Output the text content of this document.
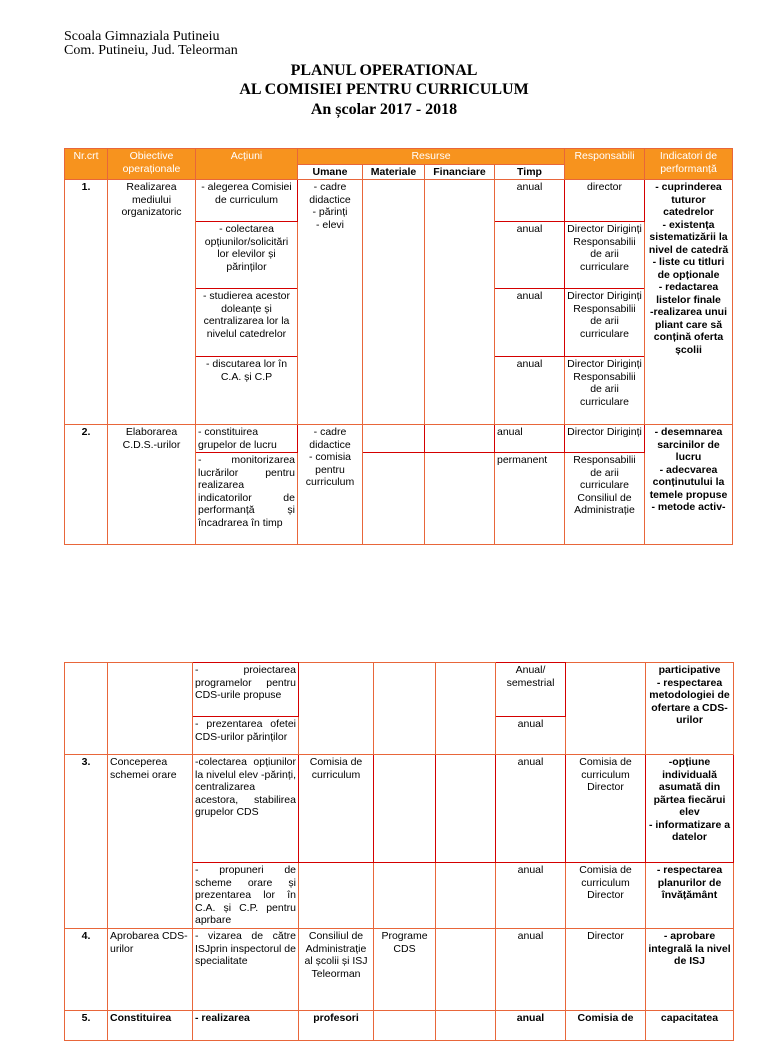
Scoala Gimnaziala Putineiu
Com. Putineiu, Jud. Teleorman
PLANUL OPERATIONAL
AL COMISIEI PENTRU CURRICULUM
An școlar 2017 - 2018
Nr.crt	Obiective operaționale	Acțiuni	Resurse				Responsabili	Indicatori de performanță
			Umane	Materiale	Financiare	Timp		
1.	Realizarea mediului organizatoric	- alegerea Comisiei de curriculum	- cadre didactice
- părinți
- elevi			anual	director	- cuprinderea tuturor catedrelor
- existența sistematizării la nivel de catedră
- liste cu titluri de opționale
- redactarea listelor finale
-realizarea unui pliant care să conțină oferta școlii
		- colectarea opțiunilor/solicitări lor elevilor și părinților				anual	Director Diriginți Responsabilii de arii curriculare	
		- studierea acestor doleanțe și centralizarea lor la nivelul catedrelor				anual	Director Diriginți Responsabilii de arii curriculare	
		- discutarea lor în C.A. și C.P				anual	Director Diriginți Responsabilii de arii curriculare	
2.	Elaborarea C.D.S.-urilor	- constituirea grupelor de lucru	- cadre didactice
- comisia pentru curriculum			anual	Director Diriginți	- desemnarea sarcinilor de lucru
- adecvarea conținutului la temele propuse
- metode activ-
		- monitorizarea lucrărilor pentru realizarea indicatorilor de performanță și încadrarea în timp				permanent	Responsabilii de arii curriculare Consiliul de Administrație	
		- proiectarea programelor pentru CDS-urile propuse				Anual/ semestrial		participative
- respectarea metodologiei de ofertare a CDS-urilor
		- prezentarea ofetei CDS-urilor părinților				anual		
3.	Conceperea schemei orare	-colectarea opțiunilor la nivelul elev -părinți, centralizarea acestora, stabilirea grupelor CDS	Comisia de curriculum			anual	Comisia de curriculum Director	-opțiune individuală asumată din pãrtea fiecărui elev
- informatizare a datelor
		- propuneri de scheme orare și prezentarea lor în C.A. și C.P. pentru aprbare				anual	Comisia de curriculum Director	- respectarea planurilor de învățământ
4.	Aprobarea CDS-urilor	- vizarea de către ISJprin inspectorul de specialitate	Consiliul de Administrație al școlii și ISJ Teleorman	Programe CDS		anual	Director	- aprobare integrală la nivel de ISJ
5.	Constituirea	- realizarea	profesori			anual	Comisia de	capacitatea
